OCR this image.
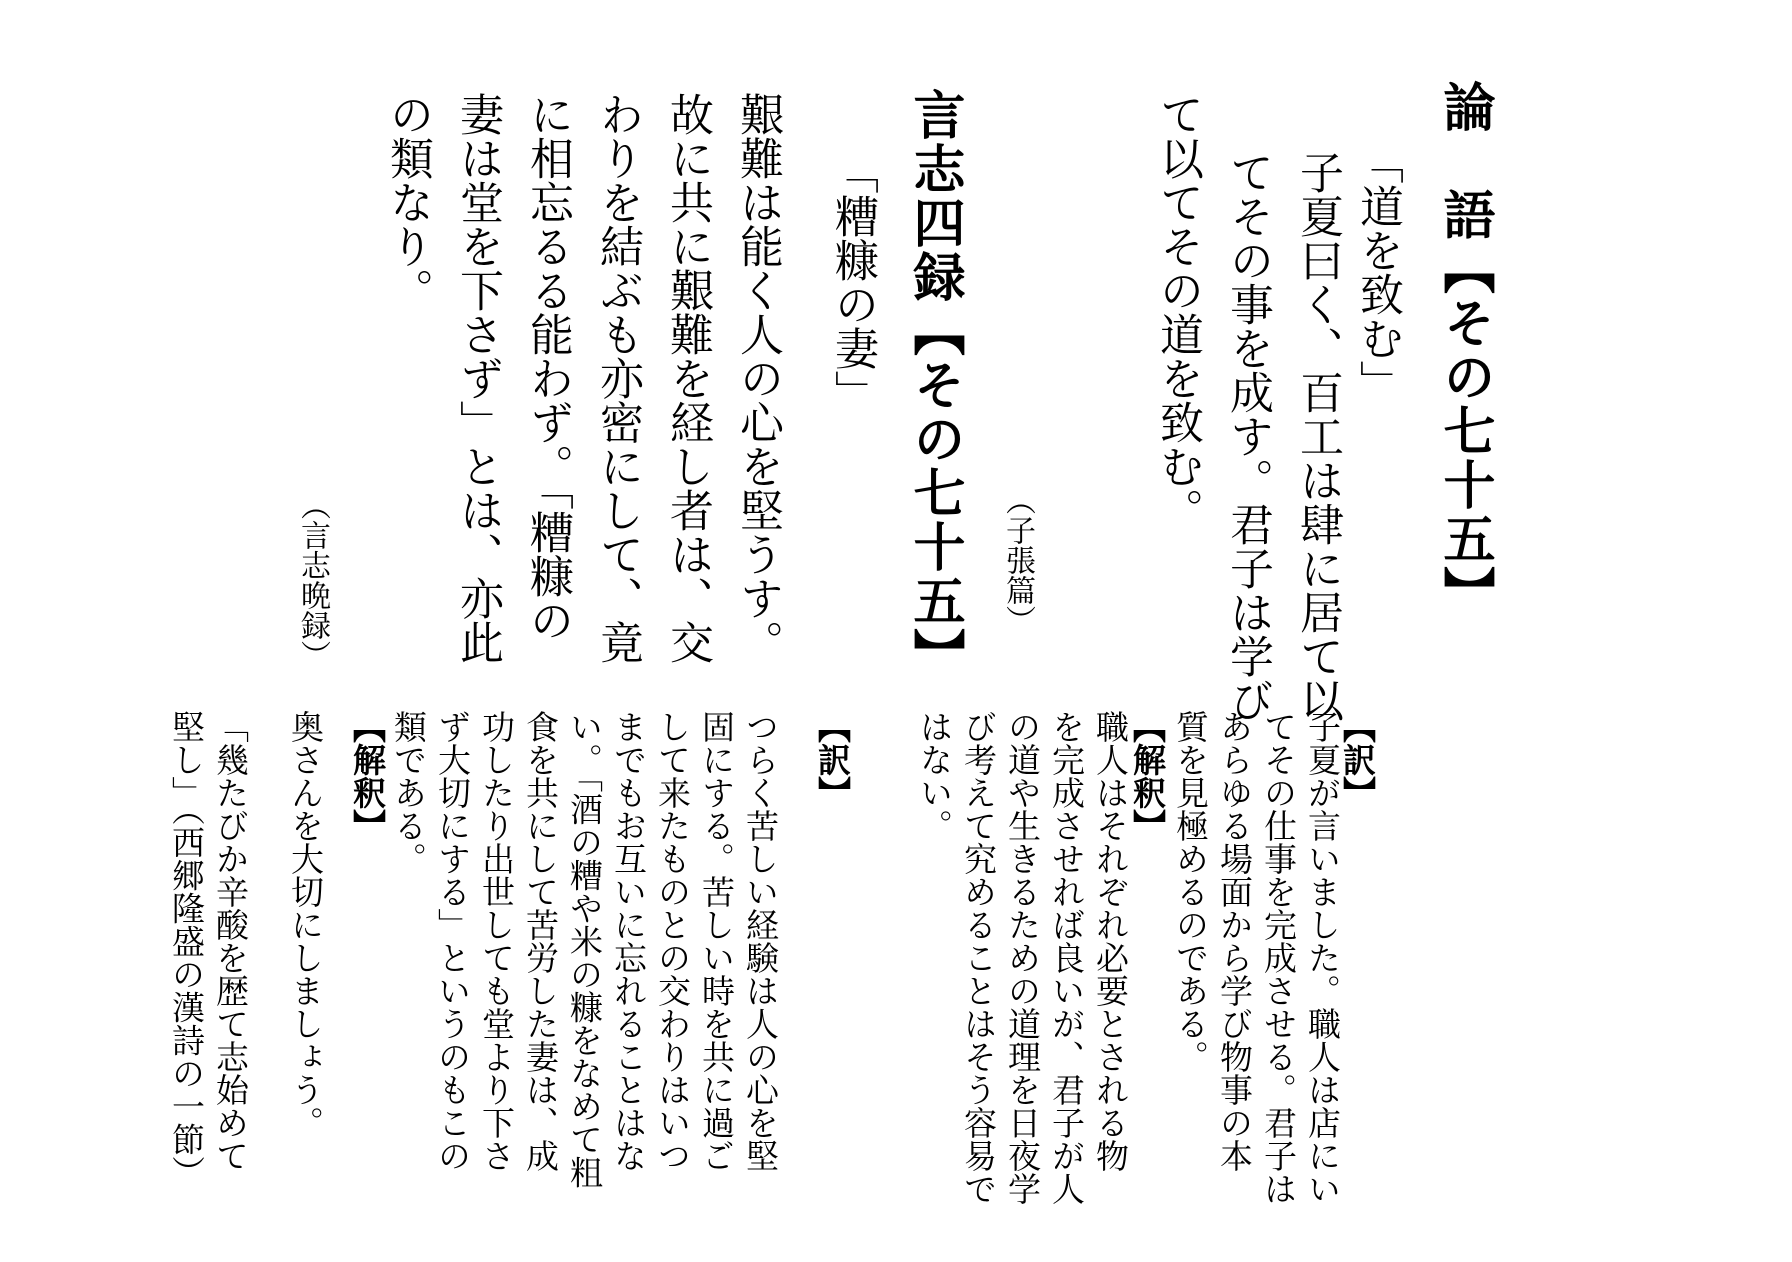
論　語【その七十五】
「道を致む」
子夏曰く、百工は肆に居て以
てその事を成す。君子は学び
て以てその道を致む。
（子張篇）
【訳】
子夏が言いました。職人は店にい
てその仕事を完成させる。君子は
あらゆる場面から学び物事の本
質を見極めるのである。
【解釈】
職人はそれぞれ必要とされる物
を完成させれば良いが、君子が人
の道や生きるための道理を日夜学
び考えて究めることはそう容易で
はない。
言志四録【その七十五】
「糟糠の妻」
艱難は能く人の心を堅うす。
故に共に艱難を経し者は、交
わりを結ぶも亦密にして、竟
に相忘るる能わず。「糟糠の
妻は堂を下さず」とは、亦此
の類なり。
（言志晩録）
【訳】
つらく苦しい経験は人の心を堅
固にする。苦しい時を共に過ご
して来たものとの交わりはいつ
までもお互いに忘れることはな
い。「酒の糟や米の糠をなめて粗
食を共にして苦労した妻は、成
功したり出世しても堂より下さ
ず大切にする」というのもこの
類である。
【解釈】
奥さんを大切にしましょう。
「幾たびか辛酸を歴て志始めて
堅し」（西郷隆盛の漢詩の一節）
